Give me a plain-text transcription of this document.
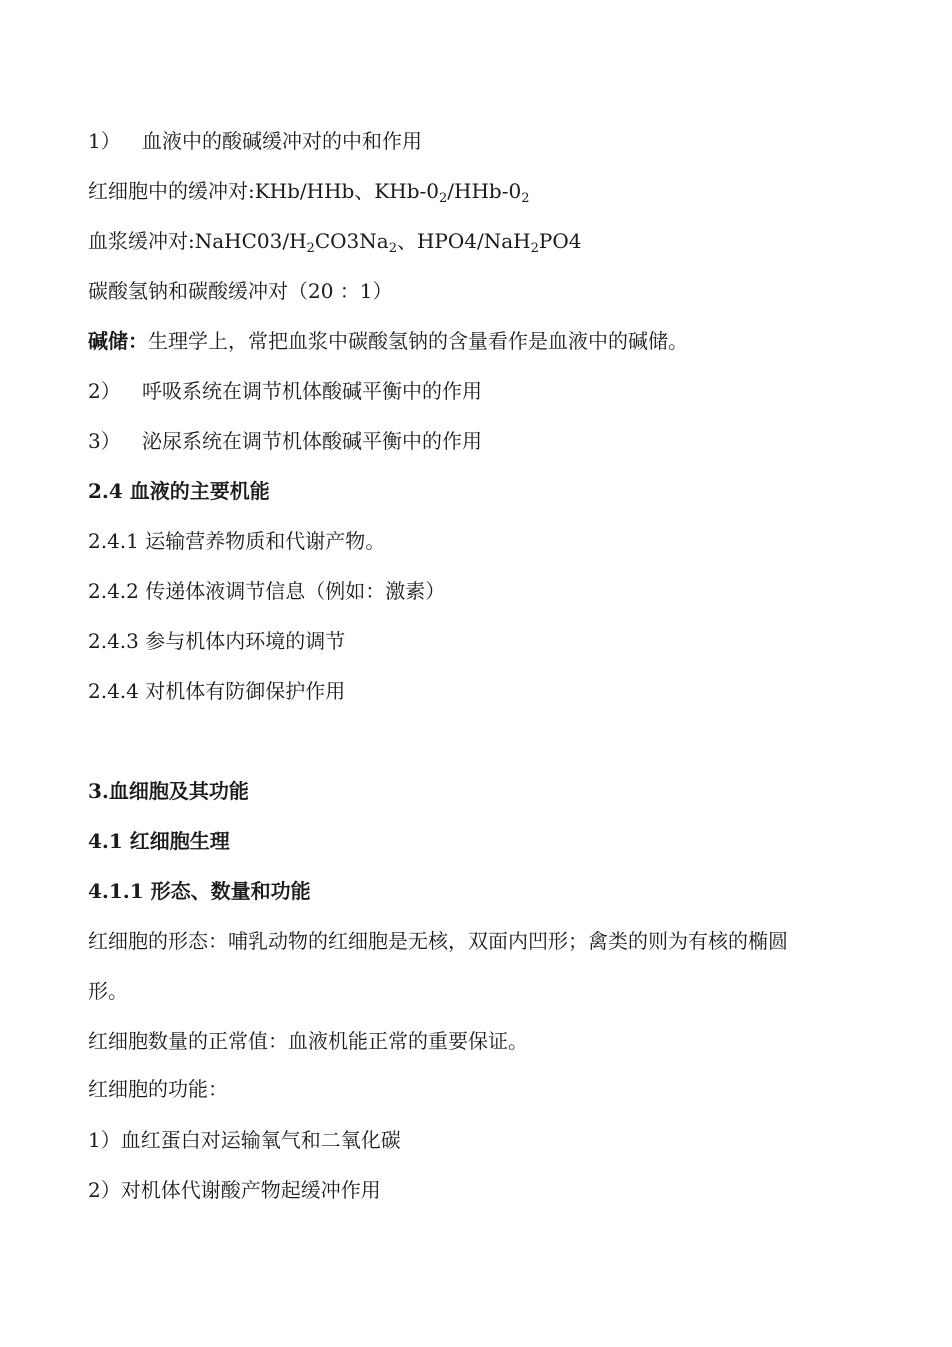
1） 血液中的酸碱缓冲对的中和作用
红细胞中的缓冲对:KHb/HHb、KHb-$0_2/HHb-0_2$
血浆缓冲对$:NaHC03/H_2CO3Na_2$、HPO4/NaH$_2$PO4
碳酸氢钠和碳酸缓冲对（20 ：1）
碱储：生理学上，常把血浆中碳酸氢钠的含量看作是血液中的碱储。
2） 呼吸系统在调节机体酸碱平衡中的作用
3） 泌尿系统在调节机体酸碱平衡中的作用
2.4 血液的主要机能
2.4.1 运输营养物质和代谢产物。
2.4.2 传递体液调节信息（例如：激素）
2.4.3 参与机体内环境的调节
2.4.4 对机体有防御保护作用
3.血细胞及其功能
4.1 红细胞生理
4.1.1 形态、数量和功能
红细胞的形态：哺乳动物的红细胞是无核，双面内凹形；禽类的则为有核的椭圆
形。
红细胞数量的正常值：血液机能正常的重要保证。
红细胞的功能：
1）血红蛋白对运输氧气和二氧化碳
2）对机体代谢酸产物起缓冲作用
